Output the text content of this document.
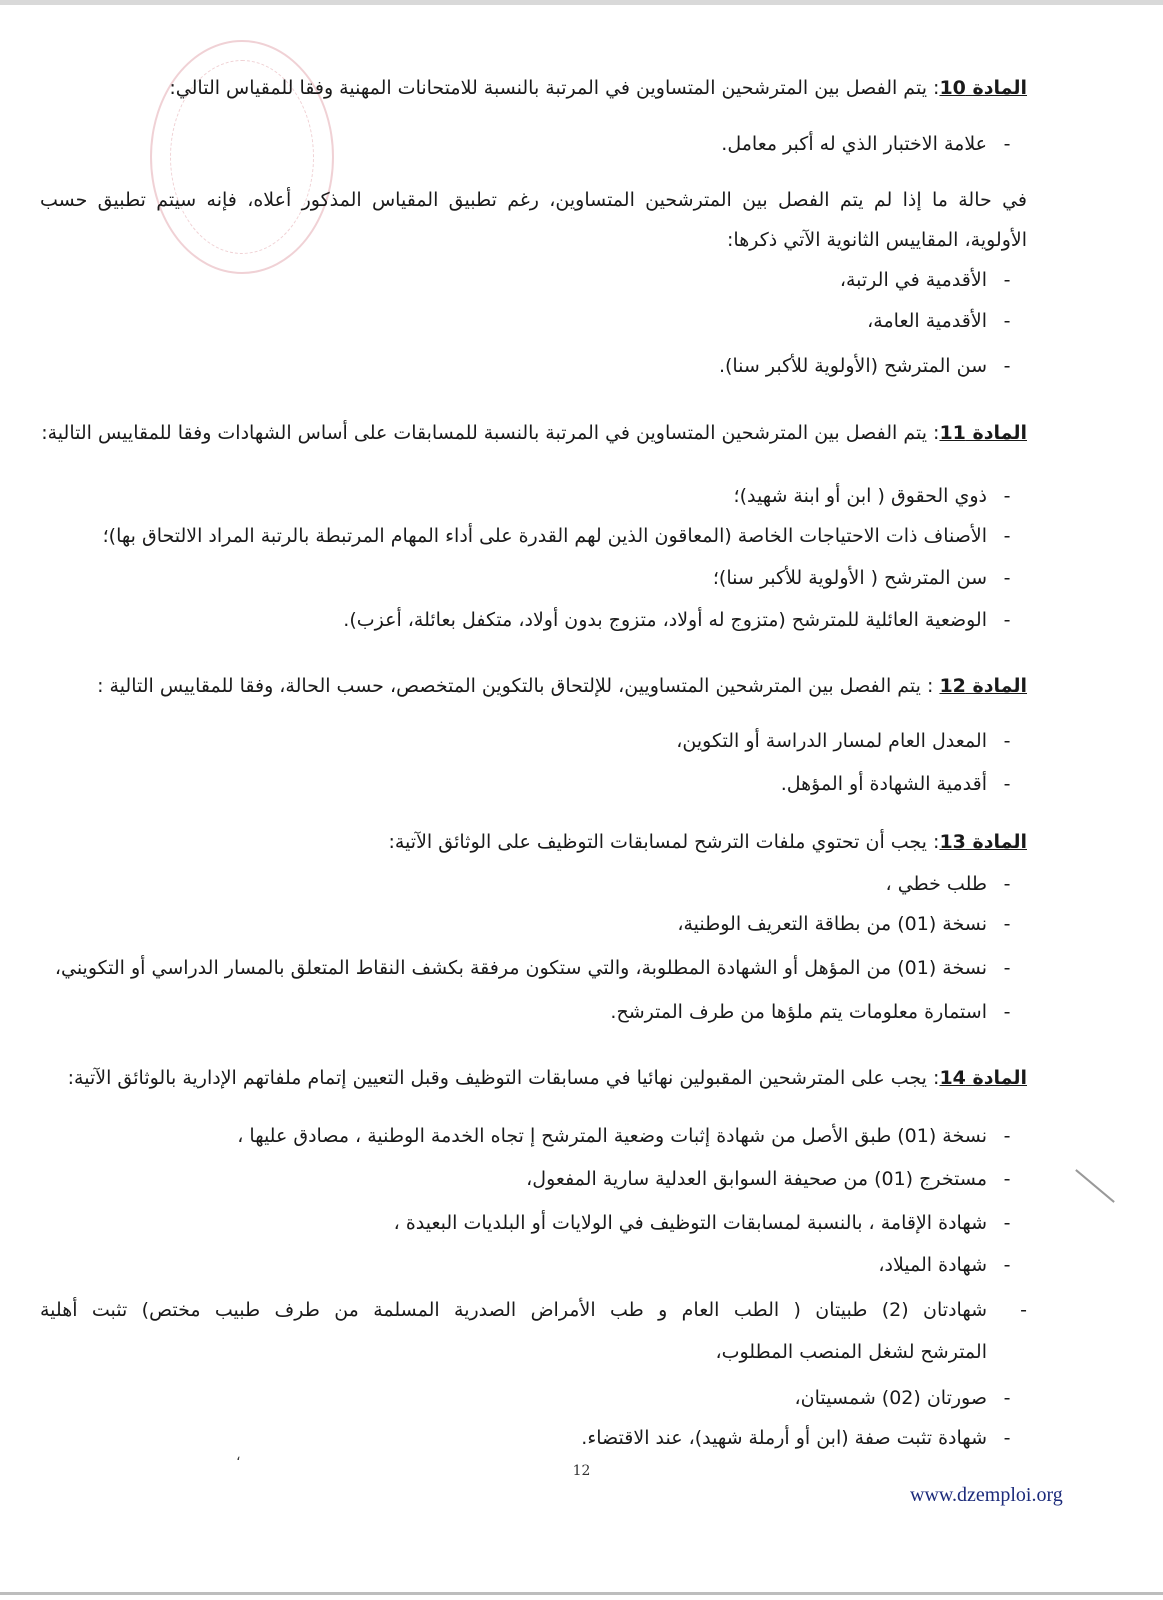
المادة 10: يتم الفصل بين المترشحين المتساوين في المرتبة بالنسبة للامتحانات المهنية وفقا للمقياس التالي:
-علامة الاختبار الذي له أكبر معامل.
في حالة ما إذا لم يتم الفصل بين المترشحين المتساوين، رغم تطبيق المقياس المذكور أعلاه، فإنه سيتم تطبيق حسب
الأولوية، المقاييس الثانوية الآتي ذكرها:
-الأقدمية في الرتبة،
-الأقدمية العامة،
-سن المترشح (الأولوية للأكبر سنا).
المادة 11: يتم الفصل بين المترشحين المتساوين في المرتبة بالنسبة للمسابقات على أساس الشهادات وفقا للمقاييس التالية:
-ذوي الحقوق ( ابن أو ابنة شهيد)؛
-الأصناف ذات الاحتياجات الخاصة (المعاقون الذين لهم القدرة على أداء المهام المرتبطة بالرتبة المراد الالتحاق بها)؛
-سن المترشح ( الأولوية للأكبر سنا)؛
-الوضعية العائلية للمترشح (متزوج له أولاد، متزوج بدون أولاد، متكفل بعائلة، أعزب).
المادة 12 : يتم الفصل بين المترشحين المتساويين، للإلتحاق بالتكوين المتخصص، حسب الحالة، وفقا للمقاييس التالية :
-المعدل العام لمسار الدراسة أو التكوين،
-أقدمية الشهادة أو المؤهل.
المادة 13: يجب أن تحتوي ملفات الترشح لمسابقات التوظيف على الوثائق الآتية:
-طلب خطي ،
-نسخة (01) من بطاقة التعريف الوطنية،
-نسخة (01) من المؤهل أو الشهادة المطلوبة، والتي ستكون مرفقة بكشف النقاط المتعلق بالمسار الدراسي أو التكويني،
-استمارة معلومات يتم ملؤها من طرف المترشح.
المادة 14: يجب على المترشحين المقبولين نهائيا في مسابقات التوظيف وقبل التعيين إتمام ملفاتهم الإدارية بالوثائق الآتية:
-نسخة (01) طبق الأصل من شهادة إثبات وضعية المترشح إ تجاه الخدمة الوطنية ، مصادق عليها ،
-مستخرج (01) من صحيفة السوابق العدلية سارية المفعول،
-شهادة الإقامة ، بالنسبة لمسابقات التوظيف في الولايات أو البلديات البعيدة ،
-شهادة الميلاد،
-شهادتان (2) طبيتان ( الطب العام و طب الأمراض الصدرية المسلمة من طرف طبيب مختص) تثبت أهلية
المترشح لشغل المنصب المطلوب،
-صورتان (02) شمسيتان،
-شهادة تثبت صفة (ابن أو أرملة شهيد)، عند الاقتضاء.
،
12
www.dzemploi.org
